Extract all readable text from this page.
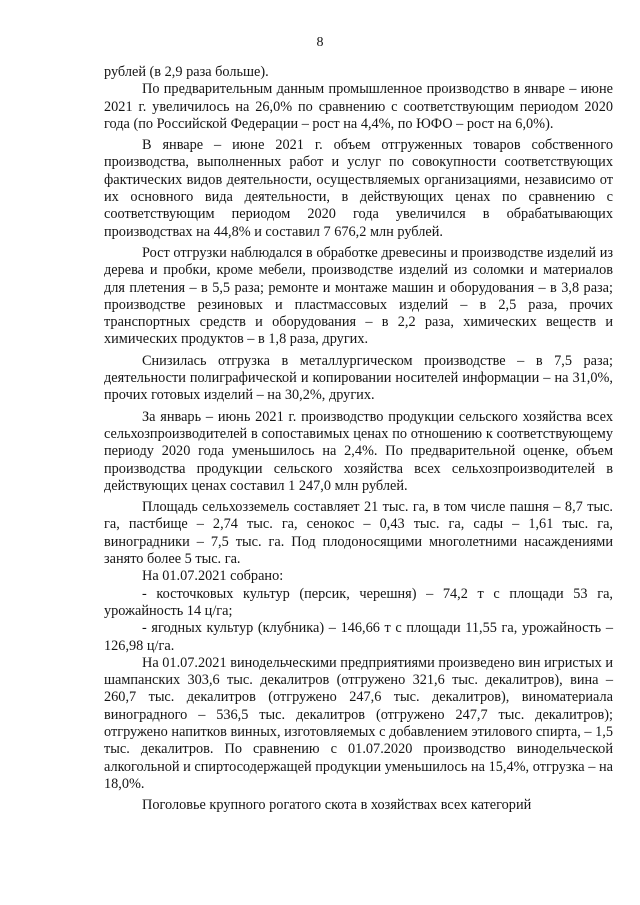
8

рублей (в 2,9 раза больше).

По предварительным данным промышленное производство в январе – июне 2021 г. увеличилось на 26,0% по сравнению с соответствующим периодом 2020 года (по Российской Федерации – рост на 4,4%, по ЮФО – рост на 6,0%).

В январе – июне 2021 г. объем отгруженных товаров собственного производства, выполненных работ и услуг по совокупности соответствующих фактических видов деятельности, осуществляемых организациями, независимо от их основного вида деятельности, в действующих ценах по сравнению с соответствующим периодом 2020 года увеличился в обрабатывающих производствах на 44,8% и составил 7 676,2 млн рублей.

Рост отгрузки наблюдался в обработке древесины и производстве изделий из дерева и пробки, кроме мебели, производстве изделий из соломки и материалов для плетения – в 5,5 раза; ремонте и монтаже машин и оборудования – в 3,8 раза; производстве резиновых и пластмассовых изделий – в 2,5 раза, прочих транспортных средств и оборудования – в 2,2 раза, химических веществ и химических продуктов – в 1,8 раза, других.

Снизилась отгрузка в металлургическом производстве – в 7,5 раза; деятельности полиграфической и копировании носителей информации – на 31,0%, прочих готовых изделий – на 30,2%, других.

За январь – июнь 2021 г. производство продукции сельского хозяйства всех сельхозпроизводителей в сопоставимых ценах по отношению к соответствующему периоду 2020 года уменьшилось на 2,4%. По предварительной оценке, объем производства продукции сельского хозяйства всех сельхозпроизводителей в действующих ценах составил 1 247,0 млн рублей.

Площадь сельхозземель составляет 21 тыс. га, в том числе пашня – 8,7 тыс. га, пастбище – 2,74 тыс. га, сенокос – 0,43 тыс. га, сады – 1,61 тыс. га, виноградники – 7,5 тыс. га. Под плодоносящими многолетними насаждениями занято более 5 тыс. га.

На 01.07.2021 собрано:

- косточковых культур (персик, черешня) – 74,2 т с площади 53 га, урожайность 14 ц/га;

- ягодных культур (клубника) – 146,66 т с площади 11,55 га, урожайность – 126,98 ц/га.

На 01.07.2021 винодельческими предприятиями произведено вин игристых и шампанских 303,6 тыс. декалитров (отгружено 321,6 тыс. декалитров), вина – 260,7 тыс. декалитров (отгружено 247,6 тыс. декалитров), виноматериала виноградного – 536,5 тыс. декалитров (отгружено 247,7 тыс. декалитров); отгружено напитков винных, изготовляемых с добавлением этилового спирта, – 1,5 тыс. декалитров. По сравнению с 01.07.2020 производство винодельческой алкогольной и спиртосодержащей продукции уменьшилось на 15,4%, отгрузка – на 18,0%.

Поголовье крупного рогатого скота в хозяйствах всех категорий
